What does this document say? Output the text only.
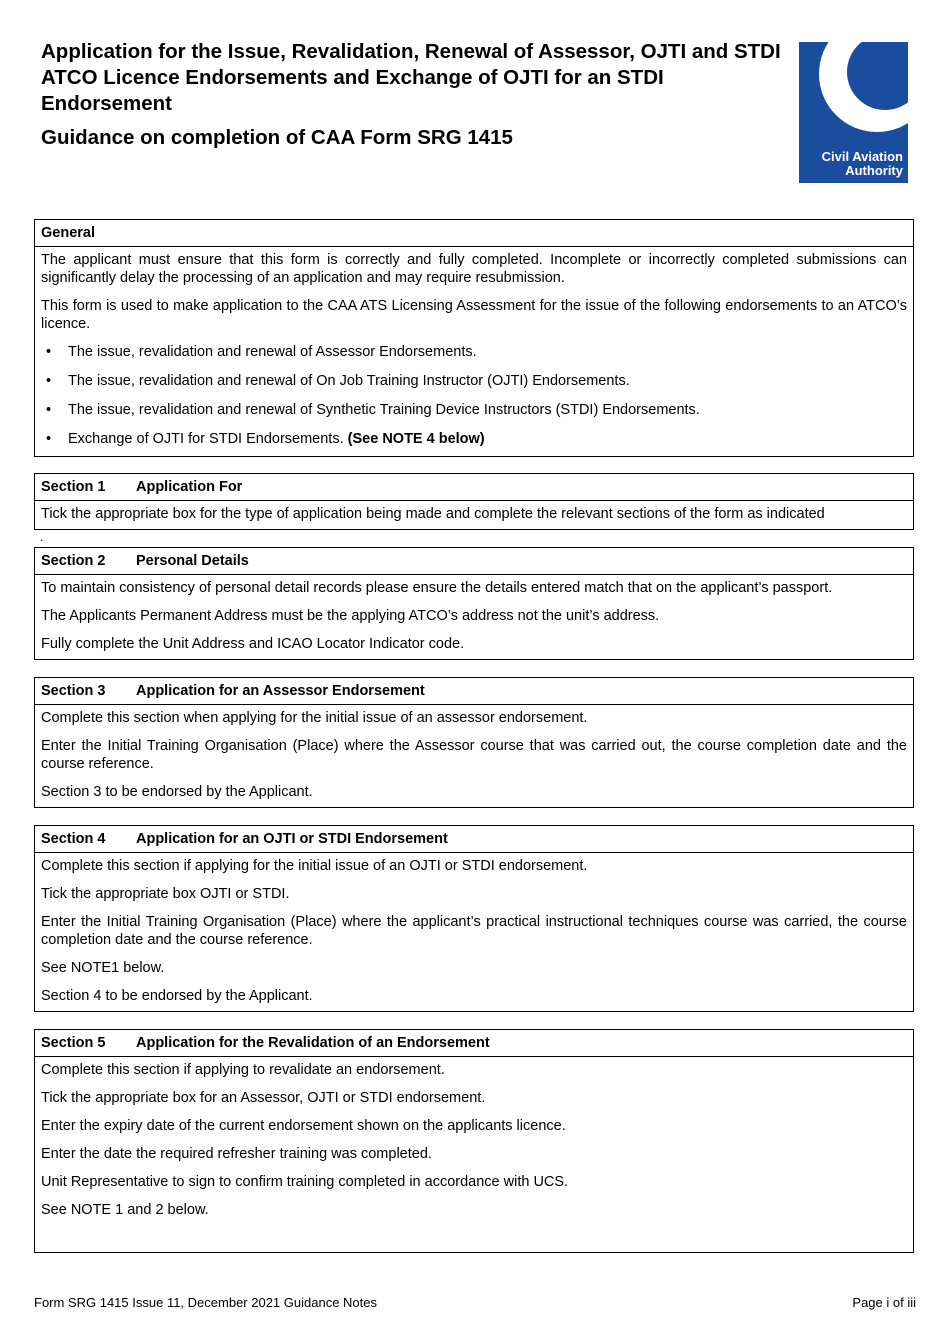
Application for the Issue, Revalidation, Renewal of Assessor, OJTI and STDI ATCO Licence Endorsements and Exchange of OJTI for an STDI Endorsement
Guidance on completion of CAA Form SRG 1415
Civil Aviation
Authority
General

The applicant must ensure that this form is correctly and fully completed. Incomplete or incorrectly completed submissions can significantly delay the processing of an application and may require resubmission.

This form is used to make application to the CAA ATS Licensing Assessment for the issue of the following endorsements to an ATCO’s licence.

• The issue, revalidation and renewal of Assessor Endorsements.
• The issue, revalidation and renewal of On Job Training Instructor (OJTI) Endorsements.
• The issue, revalidation and renewal of Synthetic Training Device Instructors (STDI) Endorsements.
• Exchange of OJTI for STDI Endorsements. (See NOTE 4 below)
Section 1	Application For

Tick the appropriate box for the type of application being made and complete the relevant sections of the form as indicated

.
Section 2	Personal Details

To maintain consistency of personal detail records please ensure the details entered match that on the applicant’s passport.

The Applicants Permanent Address must be the applying ATCO’s address not the unit’s address.

Fully complete the Unit Address and ICAO Locator Indicator code.

Section 3	Application for an Assessor Endorsement

Complete this section when applying for the initial issue of an assessor endorsement.

Enter the Initial Training Organisation (Place) where the Assessor course that was carried out, the course completion date and the course reference.

Section 3 to be endorsed by the Applicant.

Section 4	Application for an OJTI or STDI Endorsement

Complete this section if applying for the initial issue of an OJTI or STDI endorsement.

Tick the appropriate box OJTI or STDI.

Enter the Initial Training Organisation (Place) where the applicant’s practical instructional techniques course was carried, the course completion date and the course reference.

See NOTE1 below.

Section 4 to be endorsed by the Applicant.

Section 5	Application for the Revalidation of an Endorsement

Complete this section if applying to revalidate an endorsement.

Tick the appropriate box for an Assessor, OJTI or STDI endorsement.

Enter the expiry date of the current endorsement shown on the applicants licence.

Enter the date the required refresher training was completed.

Unit Representative to sign to confirm training completed in accordance with UCS.

See NOTE 1 and 2 below.

Form SRG 1415 Issue 11, December 2021 Guidance Notes	Page i of iii
